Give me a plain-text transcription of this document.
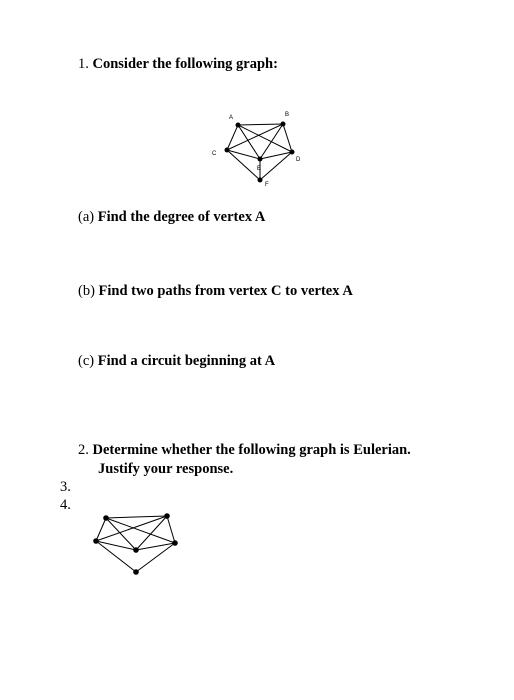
1. Consider the following graph:
A	B
C
D
E
F
(a) Find the degree of vertex A
(b) Find two paths from vertex C to vertex A
(c) Find a circuit beginning at A
2. Determine whether the following graph is Eulerian.
Justify your response.
3.
4.
